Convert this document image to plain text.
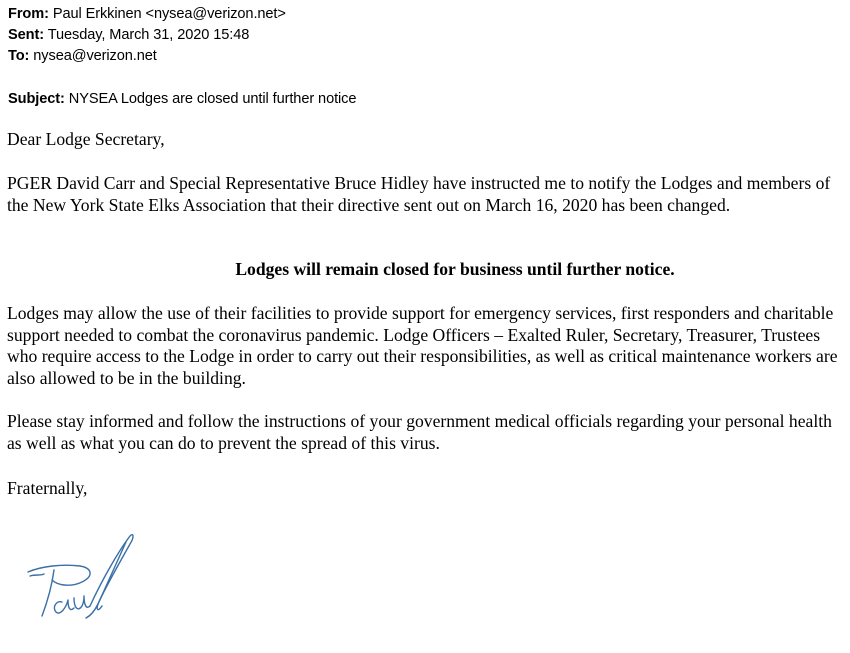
From: Paul Erkkinen <nysea@verizon.net>
Sent: Tuesday, March 31, 2020 15:48
To: nysea@verizon.net
Subject: NYSEA Lodges are closed until further notice

Dear Lodge Secretary,

PGER David Carr and Special Representative Bruce Hidley have instructed me to notify the Lodges and members of the New York State Elks Association that their directive sent out on March 16, 2020 has been changed.

Lodges will remain closed for business until further notice.

Lodges may allow the use of their facilities to provide support for emergency services, first responders and charitable support needed to combat the coronavirus pandemic. Lodge Officers – Exalted Ruler, Secretary, Treasurer, Trustees who require access to the Lodge in order to carry out their responsibilities, as well as critical maintenance workers are also allowed to be in the building.

Please stay informed and follow the instructions of your government medical officials regarding your personal health as well as what you can do to prevent the spread of this virus.

Fraternally,
